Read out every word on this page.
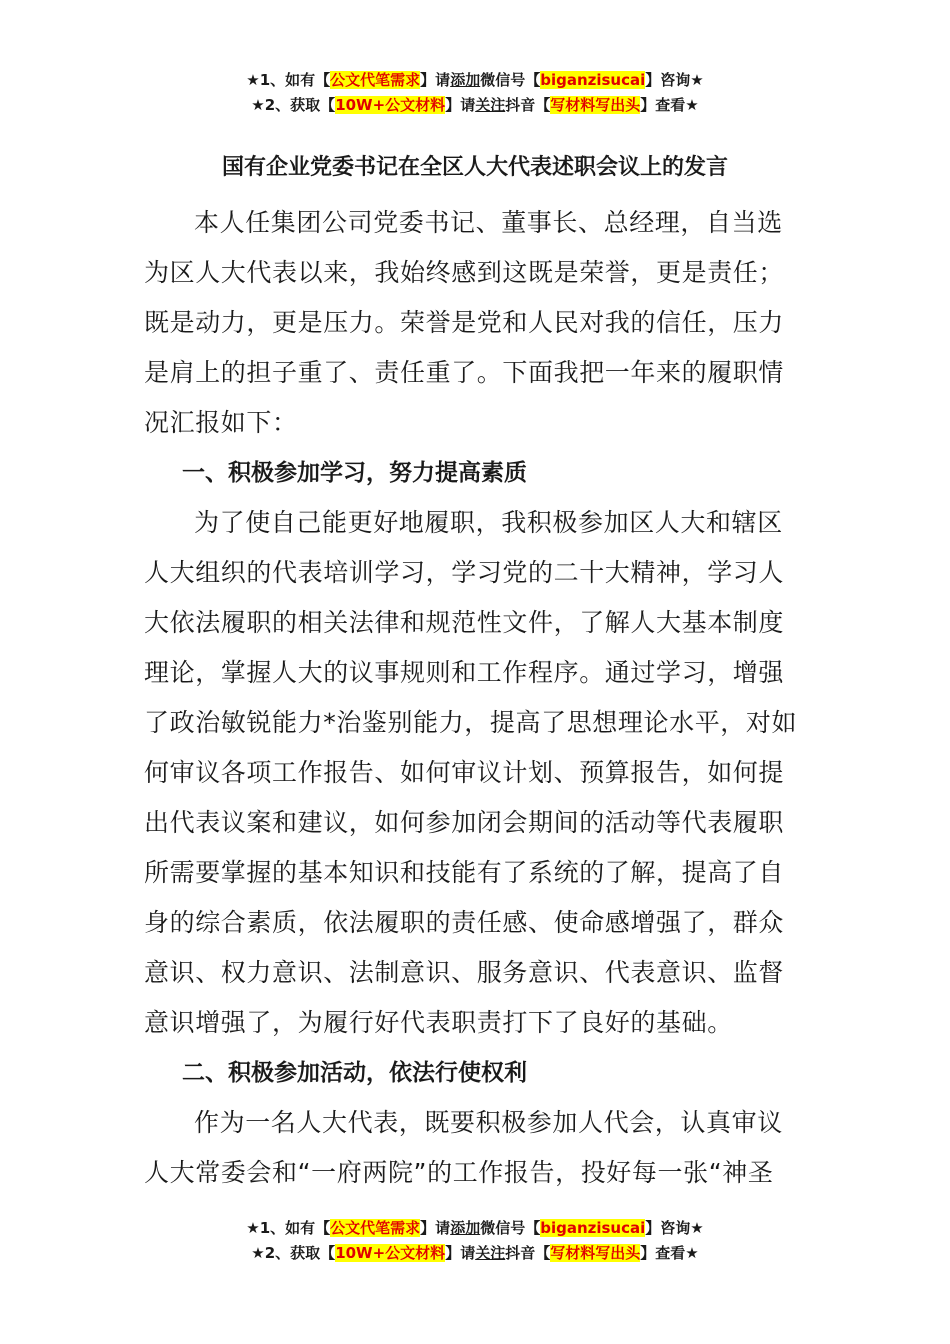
★1、如有【公文代笔需求】请添加微信号【biganzisucai】咨询★
★2、获取【10W+公文材料】请关注抖音【写材料写出头】查看★
国有企业党委书记在全区人大代表述职会议上的发言

本人任集团公司党委书记、董事长、总经理，自当选为区人大代表以来，我始终感到这既是荣誉，更是责任；既是动力，更是压力。荣誉是党和人民对我的信任，压力是肩上的担子重了、责任重了。下面我把一年来的履职情况汇报如下：

一、积极参加学习，努力提高素质

为了使自己能更好地履职，我积极参加区人大和辖区人大组织的代表培训学习，学习党的二十大精神，学习人大依法履职的相关法律和规范性文件，了解人大基本制度理论，掌握人大的议事规则和工作程序。通过学习，增强了政治敏锐能力*治鉴别能力，提高了思想理论水平，对如何审议各项工作报告、如何审议计划、预算报告，如何提出代表议案和建议，如何参加闭会期间的活动等代表履职所需要掌握的基本知识和技能有了系统的了解，提高了自身的综合素质，依法履职的责任感、使命感增强了，群众意识、权力意识、法制意识、服务意识、代表意识、监督意识增强了，为履行好代表职责打下了良好的基础。

二、积极参加活动，依法行使权利

作为一名人大代表，既要积极参加人代会，认真审议人大常委会和“一府两院”的工作报告，投好每一张“神圣

★1、如有【公文代笔需求】请添加微信号【biganzisucai】咨询★
★2、获取【10W+公文材料】请关注抖音【写材料写出头】查看★
